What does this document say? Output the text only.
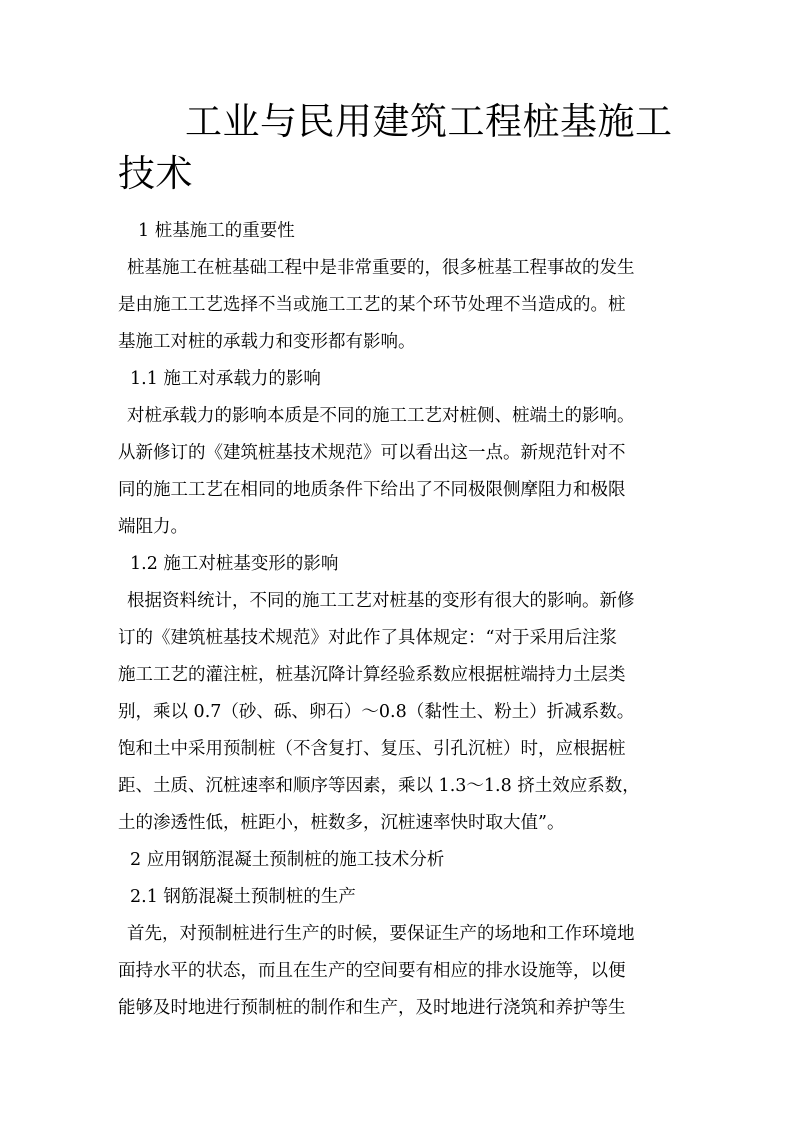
工业与民用建筑工程桩基施工技术
1 桩基施工的重要性
桩基施工在桩基础工程中是非常重要的，很多桩基工程事故的发生
是由施工工艺选择不当或施工工艺的某个环节处理不当造成的。桩
基施工对桩的承载力和变形都有影响。
1.1 施工对承载力的影响
对桩承载力的影响本质是不同的施工工艺对桩侧、桩端土的影响。
从新修订的《建筑桩基技术规范》可以看出这一点。新规范针对不
同的施工工艺在相同的地质条件下给出了不同极限侧摩阻力和极限
端阻力。
1.2 施工对桩基变形的影响
根据资料统计，不同的施工工艺对桩基的变形有很大的影响。新修
订的《建筑桩基技术规范》对此作了具体规定：“对于采用后注浆
施工工艺的灌注桩，桩基沉降计算经验系数应根据桩端持力土层类
别，乘以 0.7（砂、砾、卵石）～0.8（黏性土、粉土）折减系数。
饱和土中采用预制桩（不含复打、复压、引孔沉桩）时，应根据桩
距、土质、沉桩速率和顺序等因素，乘以 1.3～1.8 挤土效应系数，
土的渗透性低，桩距小，桩数多，沉桩速率快时取大值”。
2 应用钢筋混凝土预制桩的施工技术分析
2.1 钢筋混凝土预制桩的生产
首先，对预制桩进行生产的时候，要保证生产的场地和工作环境地
面持水平的状态，而且在生产的空间要有相应的排水设施等，以便
能够及时地进行预制桩的制作和生产，及时地进行浇筑和养护等生
